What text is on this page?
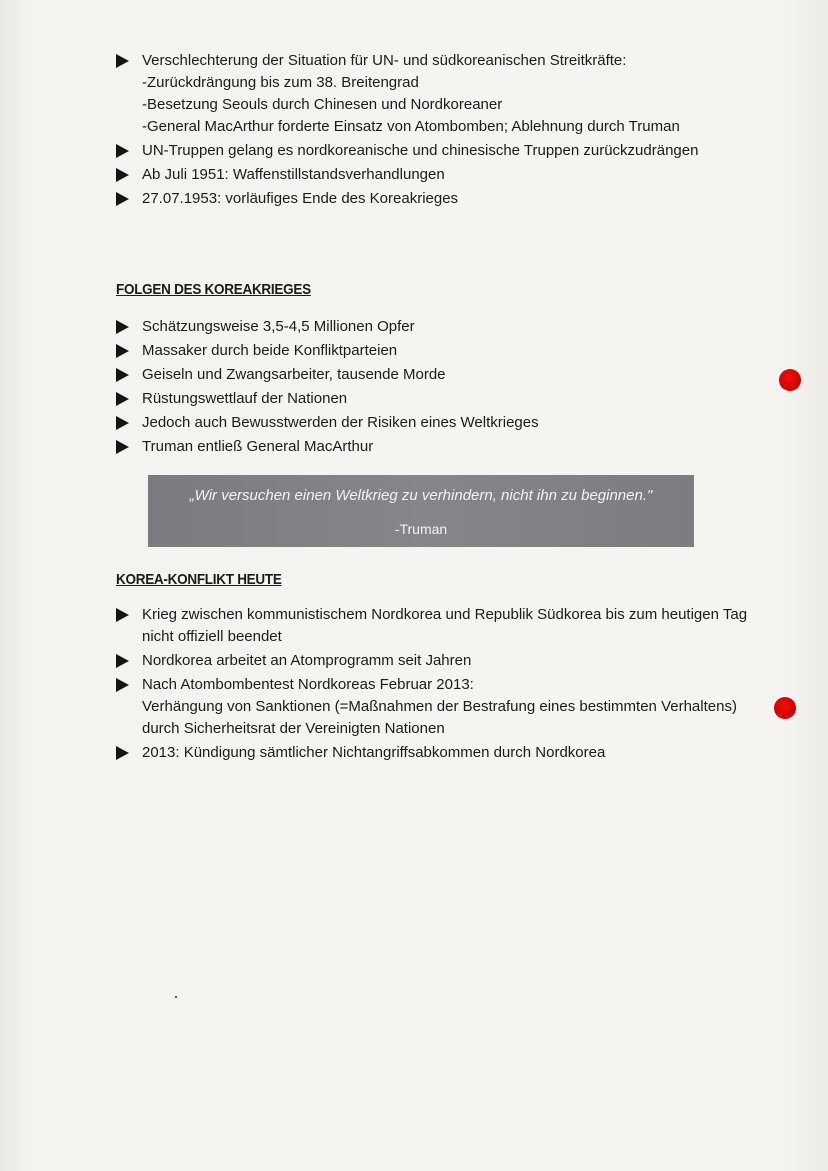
Verschlechterung der Situation für UN- und südkoreanischen Streitkräfte:
-Zurückdrängung bis zum 38. Breitengrad
-Besetzung Seouls durch Chinesen und Nordkoreaner
-General MacArthur forderte Einsatz von Atombomben; Ablehnung durch Truman
UN-Truppen gelang es nordkoreanische und chinesische Truppen zurückzudrängen
Ab Juli 1951: Waffenstillstandsverhandlungen
27.07.1953: vorläufiges Ende des Koreakrieges
FOLGEN DES KOREAKRIEGES
Schätzungsweise 3,5-4,5 Millionen Opfer
Massaker durch beide Konfliktparteien
Geiseln und Zwangsarbeiter, tausende Morde
Rüstungswettlauf der Nationen
Jedoch auch Bewusstwerden der Risiken eines Weltkrieges
Truman entließ General MacArthur
„Wir versuchen einen Weltkrieg zu verhindern, nicht ihn zu beginnen."
-Truman
KOREA-KONFLIKT HEUTE
Krieg zwischen kommunistischem Nordkorea und Republik Südkorea bis zum heutigen Tag nicht offiziell beendet
Nordkorea arbeitet an Atomprogramm seit Jahren
Nach Atombombentest Nordkoreas Februar 2013:
Verhängung von Sanktionen (=Maßnahmen der Bestrafung eines bestimmten Verhaltens) durch Sicherheitsrat der Vereinigten Nationen
2013: Kündigung sämtlicher Nichtangriffsabkommen durch Nordkorea
